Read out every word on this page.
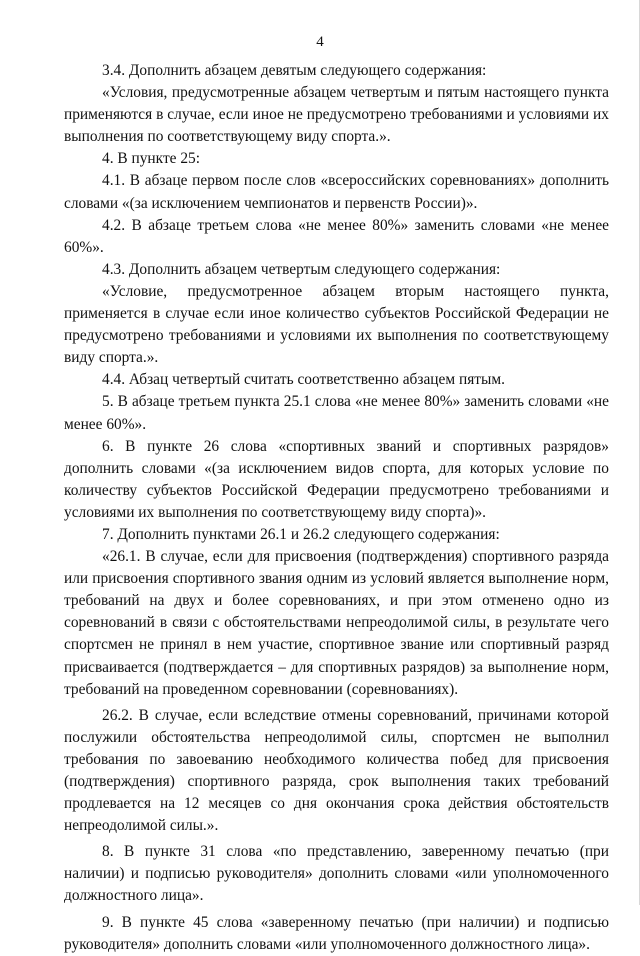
4

3.4. Дополнить абзацем девятым следующего содержания:

«Условия, предусмотренные абзацем четвертым и пятым настоящего пункта применяются в случае, если иное не предусмотрено требованиями и условиями их выполнения по соответствующему виду спорта.».

4. В пункте 25:

4.1. В абзаце первом после слов «всероссийских соревнованиях» дополнить словами «(за исключением чемпионатов и первенств России)».

4.2. В абзаце третьем слова «не менее 80%» заменить словами «не менее 60%».

4.3. Дополнить абзацем четвертым следующего содержания:

«Условие, предусмотренное абзацем вторым настоящего пункта, применяется в случае если иное количество субъектов Российской Федерации не предусмотрено требованиями и условиями их выполнения по соответствующему виду спорта.».

4.4. Абзац четвертый считать соответственно абзацем пятым.

5. В абзаце третьем пункта 25.1 слова «не менее 80%» заменить словами «не менее 60%».

6. В пункте 26 слова «спортивных званий и спортивных разрядов» дополнить словами «(за исключением видов спорта, для которых условие по количеству субъектов Российской Федерации предусмотрено требованиями и условиями их выполнения по соответствующему виду спорта)».

7. Дополнить пунктами 26.1 и 26.2 следующего содержания:

«26.1. В случае, если для присвоения (подтверждения) спортивного разряда или присвоения спортивного звания одним из условий является выполнение норм, требований на двух и более соревнованиях, и при этом отменено одно из соревнований в связи с обстоятельствами непреодолимой силы, в результате чего спортсмен не принял в нем участие, спортивное звание или спортивный разряд присваивается (подтверждается – для спортивных разрядов) за выполнение норм, требований на проведенном соревновании (соревнованиях).

26.2. В случае, если вследствие отмены соревнований, причинами которой послужили обстоятельства непреодолимой силы, спортсмен не выполнил требования по завоеванию необходимого количества побед для присвоения (подтверждения) спортивного разряда, срок выполнения таких требований продлевается на 12 месяцев со дня окончания срока действия обстоятельств непреодолимой силы.».

8. В пункте 31 слова «по представлению, заверенному печатью (при наличии) и подписью руководителя» дополнить словами «или уполномоченного должностного лица».

9. В пункте 45 слова «заверенному печатью (при наличии) и подписью руководителя» дополнить словами «или уполномоченного должностного лица».
